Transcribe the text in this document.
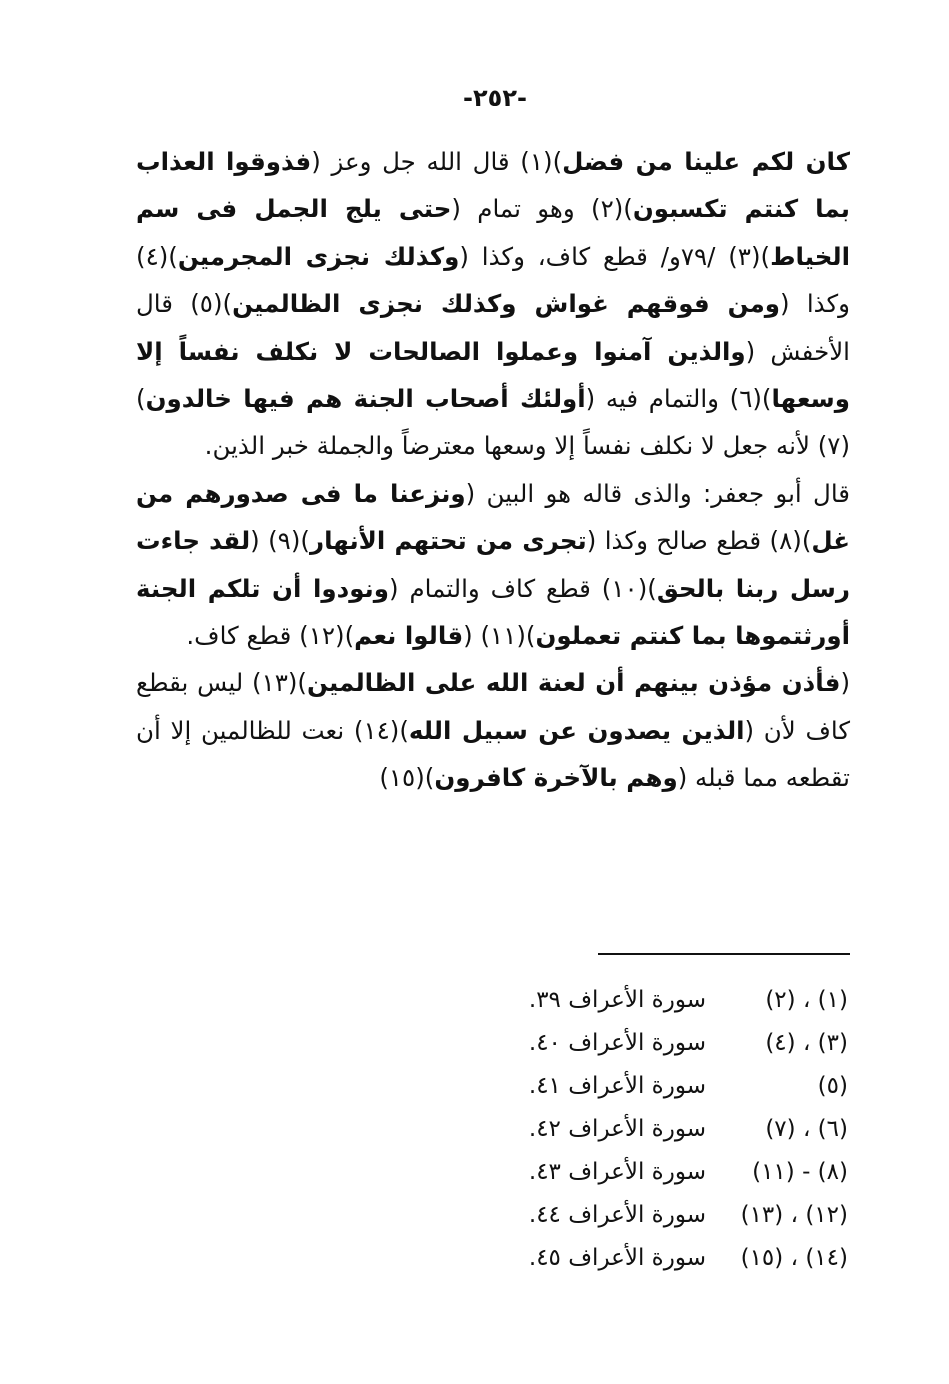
-٢٥٢-

كان لكم علينا من فضل)(١) قال الله جل وعز (فذوقوا العذاب بما كنتم تكسبون)(٢) وهو تمام (حتى يلج الجمل فى سم الخياط)(٣) /٧٩و/ قطع كاف، وكذا (وكذلك نجزى المجرمين)(٤) وكذا (ومن فوقهم غواش وكذلك نجزى الظالمين)(٥) قال الأخفش (والذين آمنوا وعملوا الصالحات لا نكلف نفساً إلا وسعها)(٦) والتمام فيه (أولئك أصحاب الجنة هم فيها خالدون)(٧) لأنه جعل لا نكلف نفساً إلا وسعها معترضاً والجملة خبر الذين.

قال أبو جعفر: والذى قاله هو البين (ونزعنا ما فى صدورهم من غل)(٨) قطع صالح وكذا (تجرى من تحتهم الأنهار)(٩) (لقد جاءت رسل ربنا بالحق)(١٠) قطع كاف والتمام (ونودوا أن تلكم الجنة أورثتموها بما كنتم تعملون)(١١) (قالوا نعم)(١٢) قطع كاف.

(فأذن مؤذن بينهم أن لعنة الله على الظالمين)(١٣) ليس بقطع كاف لأن (الذين يصدون عن سبيل الله)(١٤) نعت للظالمين إلا أن تقطعه مما قبله (وهم بالآخرة كافرون)(١٥)

(١) ، (٢)
سورة الأعراف ٣٩.
(٣) ، (٤)
سورة الأعراف ٤٠.
(٥)
سورة الأعراف ٤١.
(٦) ، (٧)
سورة الأعراف ٤٢.
(٨) - (١١)
سورة الأعراف ٤٣.
(١٢) ، (١٣)
سورة الأعراف ٤٤.
(١٤) ، (١٥)
سورة الأعراف ٤٥.
